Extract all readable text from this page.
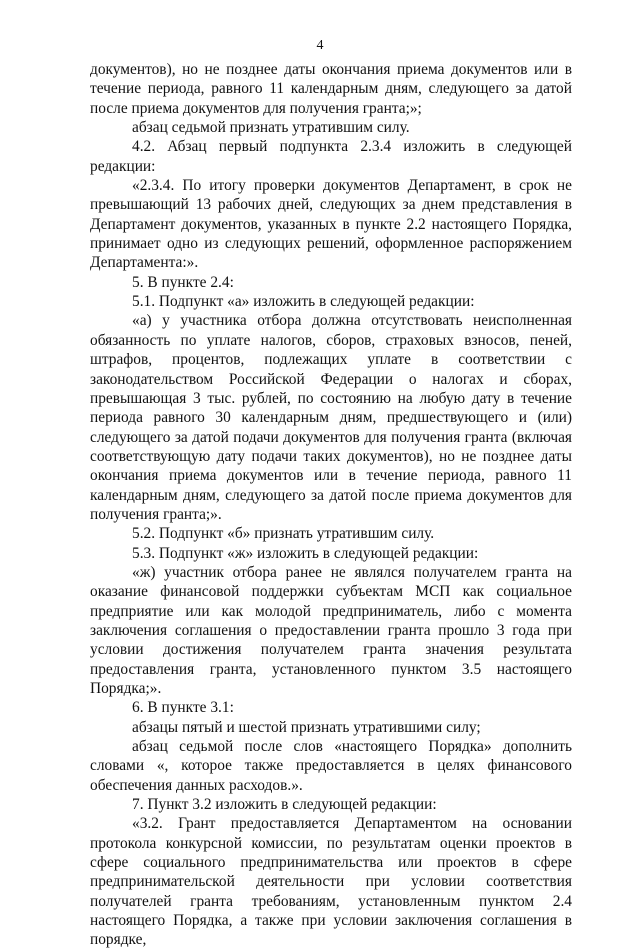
4

документов), но не позднее даты окончания приема документов или в течение периода, равного 11 календарным дням, следующего за датой после приема документов для получения гранта;»;

абзац седьмой признать утратившим силу.

4.2. Абзац первый подпункта 2.3.4 изложить в следующей редакции:

«2.3.4. По итогу проверки документов Департамент, в срок не превышающий 13 рабочих дней, следующих за днем представления в Департамент документов, указанных в пункте 2.2 настоящего Порядка, принимает одно из следующих решений, оформленное распоряжением Департамента:».

5. В пункте 2.4:

5.1. Подпункт «а» изложить в следующей редакции:

«а) у участника отбора должна отсутствовать неисполненная обязанность по уплате налогов, сборов, страховых взносов, пеней, штрафов, процентов, подлежащих уплате в соответствии с законодательством Российской Федерации о налогах и сборах, превышающая 3 тыс. рублей, по состоянию на любую дату в течение периода равного 30 календарным дням, предшествующего и (или) следующего за датой подачи документов для получения гранта (включая соответствующую дату подачи таких документов), но не позднее даты окончания приема документов или в течение периода, равного 11 календарным дням, следующего за датой после приема документов для получения гранта;».

5.2. Подпункт «б» признать утратившим силу.

5.3. Подпункт «ж» изложить в следующей редакции:

«ж) участник отбора ранее не являлся получателем гранта на оказание финансовой поддержки субъектам МСП как социальное предприятие или как молодой предприниматель, либо с момента заключения соглашения о предоставлении гранта прошло 3 года при условии достижения получателем гранта значения результата предоставления гранта, установленного пунктом 3.5 настоящего Порядка;».

6. В пункте 3.1:

абзацы пятый и шестой признать утратившими силу;

абзац седьмой после слов «настоящего Порядка» дополнить словами «, которое также предоставляется в целях финансового обеспечения данных расходов.».

7. Пункт 3.2 изложить в следующей редакции:

«3.2. Грант предоставляется Департаментом на основании протокола конкурсной комиссии, по результатам оценки проектов в сфере социального предпринимательства или проектов в сфере предпринимательской деятельности при условии соответствия получателей гранта требованиям, установленным пунктом 2.4 настоящего Порядка, а также при условии заключения соглашения в порядке,
